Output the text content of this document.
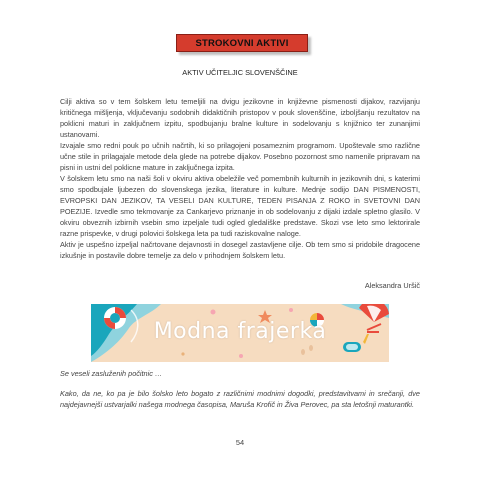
STROKOVNI AKTIVI
AKTIV UČITELJIC SLOVENŠČINE

Cilji aktiva so v tem šolskem letu temeljili na dvigu jezikovne in književne pismenosti dijakov, razvijanju kritičnega mišljenja, vključevanju sodobnih didaktičnih pristopov v pouk slovenščine, izboljšanju rezultatov na poklicni maturi in zaključnem izpitu, spodbujanju bralne kulture in sodelovanju s knjižnico ter zunanjimi ustanovami.

Izvajale smo redni pouk po učnih načrtih, ki so prilagojeni posameznim programom. Upoštevale smo različne učne stile in prilagajale metode dela glede na potrebe dijakov. Posebno pozornost smo namenile pripravam na pisni in ustni del poklicne mature in zaključnega izpita.

V šolskem letu smo na naši šoli v okviru aktiva obeležile več pomembnih kulturnih in jezikovnih dni, s katerimi smo spodbujale ljubezen do slovenskega jezika, literature in kulture. Mednje sodijo DAN PISMENOSTI, EVROPSKI DAN JEZIKOV, TA VESELI DAN KULTURE, TEDEN PISANJA Z ROKO in SVETOVNI DAN POEZIJE. Izvedle smo tekmovanje za Cankarjevo priznanje in ob sodelovanju z dijaki izdale spletno glasilo. V okviru obveznih izbirnih vsebin smo izpeljale tudi ogled gledališke predstave. Skozi vse leto smo lektorirale razne prispevke, v drugi polovici šolskega leta pa tudi raziskovalne naloge.

Aktiv je uspešno izpeljal načrtovane dejavnosti in dosegel zastavljene cilje. Ob tem smo si pridobile dragocene izkušnje in postavile dobre temelje za delo v prihodnjem šolskem letu.

Aleksandra Uršič
Modna frajerka
Se veseli zasluženih počitnic …
Kako, da ne, ko pa je bilo šolsko leto bogato z različnimi modnimi dogodki, predstavitvami in srečanji, dve najdejavnejši ustvarjalki našega modnega časopisa, Maruša Krofič in Živa Perovec, pa sta letošnji maturantki.
54
